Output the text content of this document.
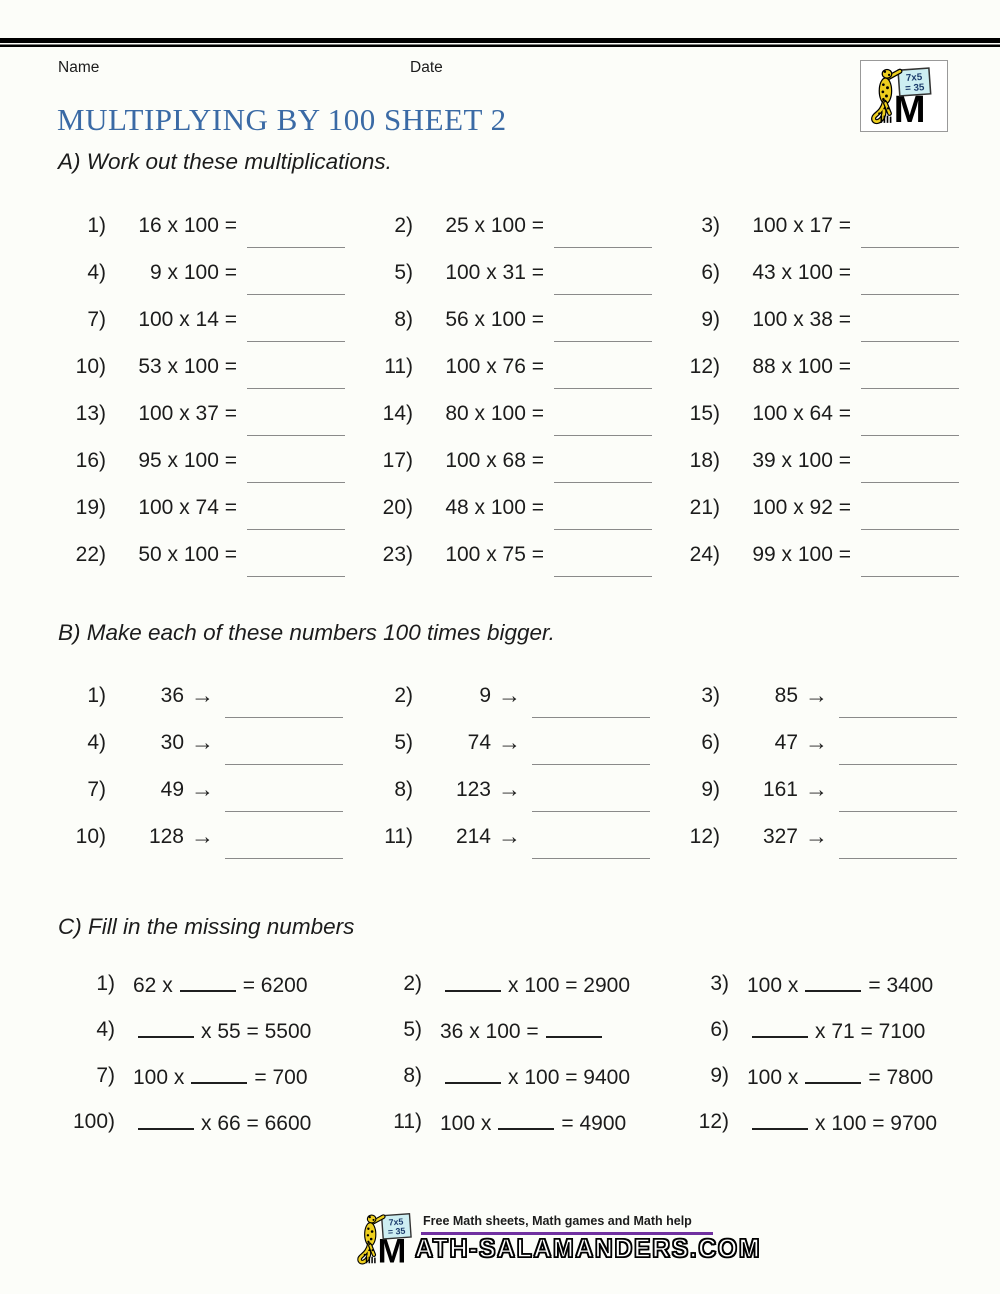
Name	Date
MULTIPLYING BY 100 SHEET 2
A) Work out these multiplications.
1)	16 x 100 =	2)	25 x 100 =	3)	100 x 17 =
4)	9 x 100 =	5)	100 x 31 =	6)	43 x 100 =
7)	100 x 14 =	8)	56 x 100 =	9)	100 x 38 =
10)	53 x 100 =	11)	100 x 76 =	12)	88 x 100 =
13)	100 x 37 =	14)	80 x 100 =	15)	100 x 64 =
16)	95 x 100 =	17)	100 x 68 =	18)	39 x 100 =
19)	100 x 74 =	20)	48 x 100 =	21)	100 x 92 =
22)	50 x 100 =	23)	100 x 75 =	24)	99 x 100 =
B) Make each of these numbers 100 times bigger.
1)	36 →	2)	9 →	3)	85 →
4)	30 →	5)	74 →	6)	47 →
7)	49 →	8)	123 →	9)	161 →
10)	128 →	11)	214 →	12)	327 →
C) Fill in the missing numbers
1) 62 x	= 6200	2)	x 100 = 2900	3) 100 x	= 3400
4)	x 55 = 5500	5) 36 x 100 =	6)	x 71 = 7100
7) 100 x	= 700	8)	x 100 = 9400	9) 100 x	= 7800
100)	x 66 = 6600	11) 100 x	= 4900	12)	x 100 = 9700
Free Math sheets, Math games and Math help
ATH-SALAMANDERS.COM
